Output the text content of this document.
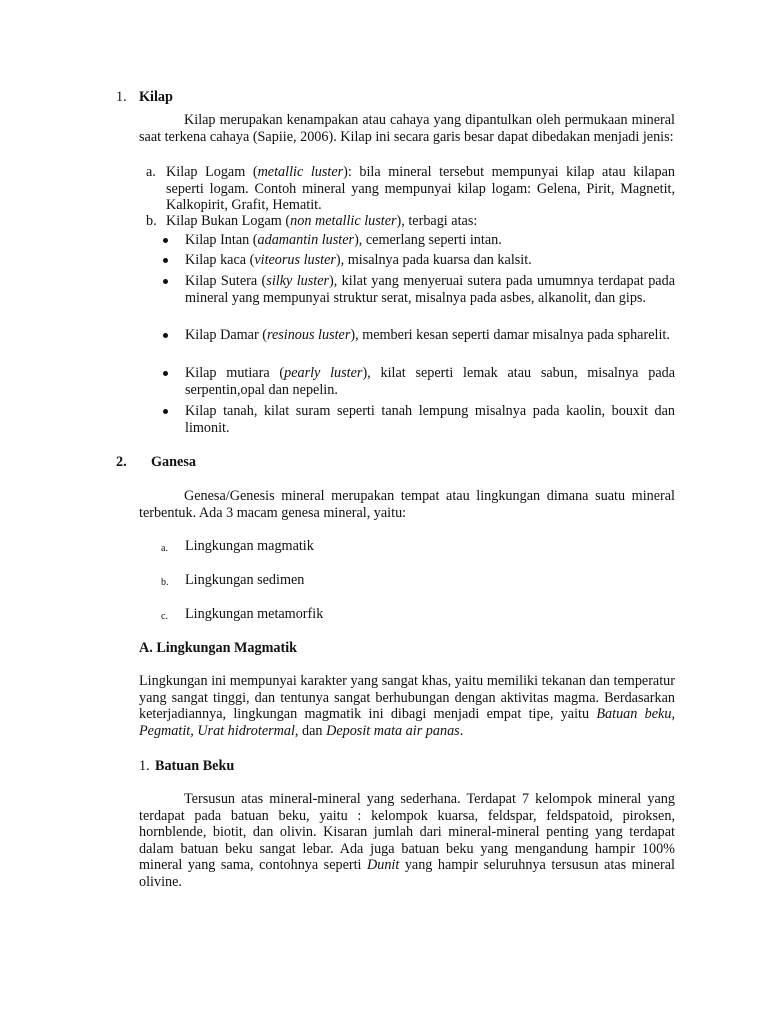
1. Kilap
Kilap merupakan kenampakan atau cahaya yang dipantulkan oleh permukaan mineral saat terkena cahaya (Sapiie, 2006). Kilap ini secara garis besar dapat dibedakan menjadi jenis:
a. Kilap Logam (metallic luster): bila mineral tersebut mempunyai kilap atau kilapan seperti logam. Contoh mineral yang mempunyai kilap logam: Gelena, Pirit, Magnetit, Kalkopirit, Grafit, Hematit.
b. Kilap Bukan Logam (non metallic luster), terbagi atas:
Kilap Intan (adamantin luster), cemerlang seperti intan.
Kilap kaca (viteorus luster), misalnya pada kuarsa dan kalsit.
Kilap Sutera (silky luster), kilat yang menyeruai sutera pada umumnya terdapat pada mineral yang mempunyai struktur serat, misalnya pada asbes, alkanolit, dan gips.
Kilap Damar (resinous luster), memberi kesan seperti damar misalnya pada spharelit.
Kilap mutiara (pearly luster), kilat seperti lemak atau sabun, misalnya pada serpentin,opal dan nepelin.
Kilap tanah, kilat suram seperti tanah lempung misalnya pada kaolin, bouxit dan limonit.
2. Ganesa
Genesa/Genesis mineral merupakan tempat atau lingkungan dimana suatu mineral terbentuk. Ada 3 macam genesa mineral, yaitu:
a. Lingkungan magmatik
b. Lingkungan sedimen
c. Lingkungan metamorfik
A. Lingkungan Magmatik
Lingkungan ini mempunyai karakter yang sangat khas, yaitu memiliki tekanan dan temperatur yang sangat tinggi, dan tentunya sangat berhubungan dengan aktivitas magma. Berdasarkan keterjadiannya, lingkungan magmatik ini dibagi menjadi empat tipe, yaitu Batuan beku, Pegmatit, Urat hidrotermal, dan Deposit mata air panas.
1. Batuan Beku
Tersusun atas mineral-mineral yang sederhana. Terdapat 7 kelompok mineral yang terdapat pada batuan beku, yaitu : kelompok kuarsa, feldspar, feldspatoid, piroksen, hornblende, biotit, dan olivin. Kisaran jumlah dari mineral-mineral penting yang terdapat dalam batuan beku sangat lebar. Ada juga batuan beku yang mengandung hampir 100% mineral yang sama, contohnya seperti Dunit yang hampir seluruhnya tersusun atas mineral olivine.
